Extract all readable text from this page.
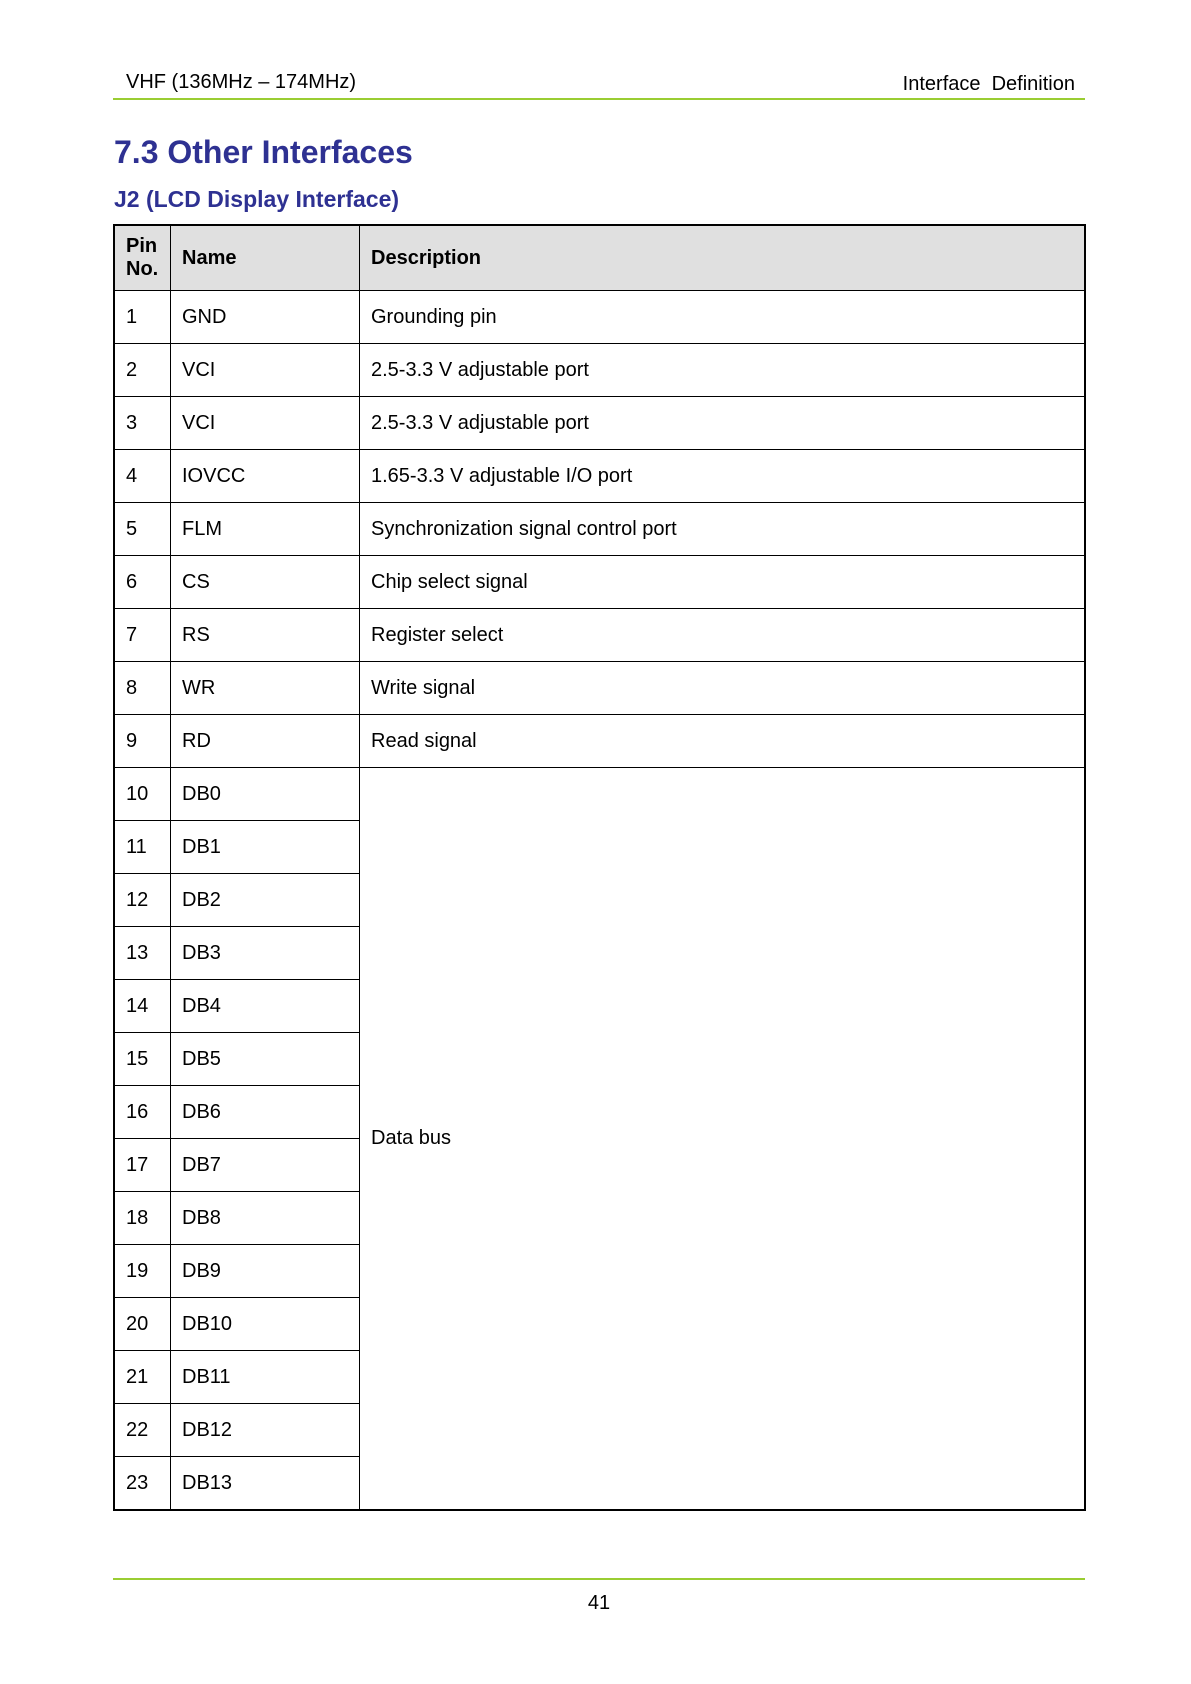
VHF (136MHz – 174MHz)	Interface  Definition
7.3 Other Interfaces
J2 (LCD Display Interface)
Pin
No.	Name	Description
1	GND	Grounding pin
2	VCI	2.5-3.3 V adjustable port
3	VCI	2.5-3.3 V adjustable port
4	IOVCC	1.65-3.3 V adjustable I/O port
5	FLM	Synchronization signal control port
6	CS	Chip select signal
7	RS	Register select
8	WR	Write signal
9	RD	Read signal
10	DB0	Data bus
11	DB1	
12	DB2	
13	DB3	
14	DB4	
15	DB5	
16	DB6	
17	DB7	
18	DB8	
19	DB9	
20	DB10	
21	DB11	
22	DB12	
23	DB13	
41
